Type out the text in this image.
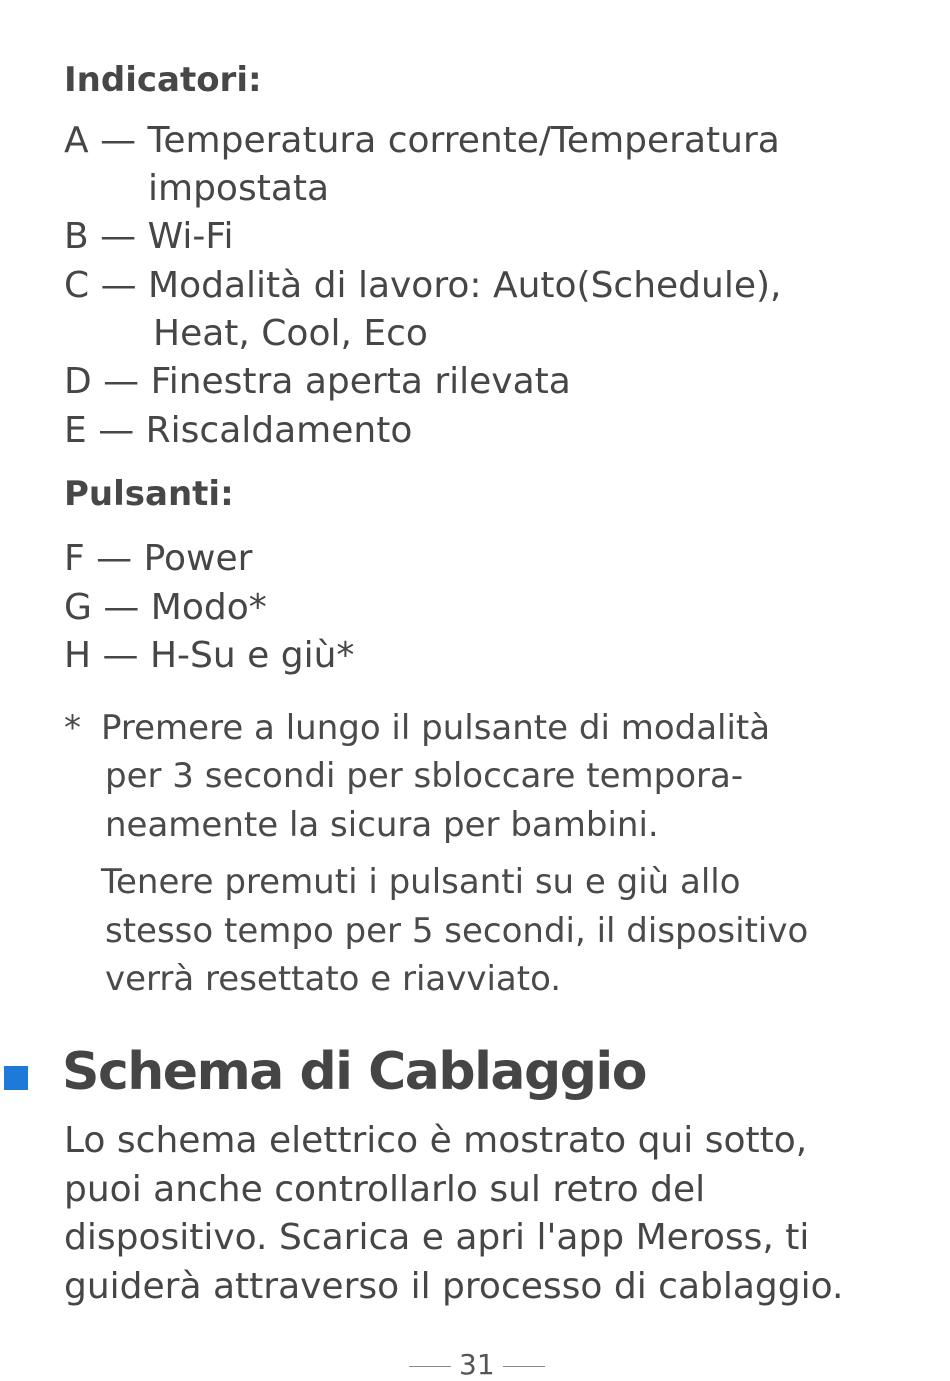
Indicatori:
A — Temperatura corrente/Temperatura
impostata
B — Wi-Fi
C — Modalità di lavoro: Auto(Schedule),
Heat, Cool, Eco
D — Finestra aperta rilevata
E — Riscaldamento
Pulsanti:
F — Power
G — Modo*
H — H-Su e giù*
* Premere a lungo il pulsante di modalità
per 3 secondi per sbloccare tempora-
neamente la sicura per bambini.
Tenere premuti i pulsanti su e giù allo
stesso tempo per 5 secondi, il dispositivo
verrà resettato e riavviato.
Schema di Cablaggio
Lo schema elettrico è mostrato qui sotto,
puoi anche controllarlo sul retro del
dispositivo. Scarica e apri l'app Meross, ti
guiderà attraverso il processo di cablaggio.
31
